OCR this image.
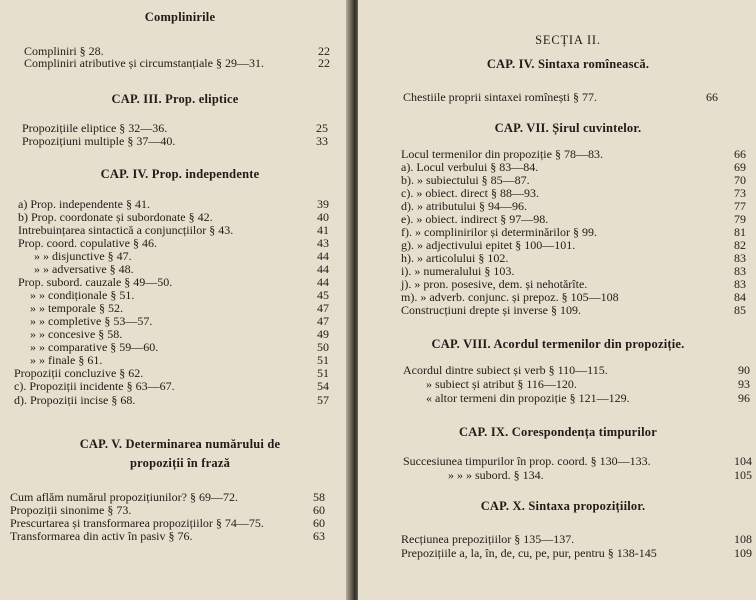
Complinirile
Compliniri § 28.	22
Compliniri atributive și circumstanțiale § 29—31.	22
CAP. III. Prop. eliptice
Propozițiile eliptice § 32—36.	25
Propozițiuni multiple § 37—40.	33
CAP. IV. Prop. independente
a) Prop. independente § 41.	39
b) Prop. coordonate și subordonate § 42.	40
Intrebuințarea sintactică a conjuncțiilor § 43.	41
Prop. coord. copulative § 46.	43
» » disjunctive § 47.	44
» » adversative § 48.	44
Prop. subord. cauzale § 49—50.	44
» » condiționale § 51.	45
» » temporale § 52.	47
» » completive § 53—57.	47
» » concesive § 58.	49
» » comparative § 59—60.	50
» » finale § 61.	51
Propoziții concluzive § 62.	51
c). Propoziții incidente § 63—67.	54
d). Propoziții incise § 68.	57
CAP. V. Determinarea numărului de
propoziții în frază
Cum aflăm numărul propozițiunilor? § 69—72.	58
Propoziții sinonime § 73.	60
Prescurtarea și transformarea propozițiilor § 74—75.	60
Transformarea din activ în pasiv § 76.	63
SECȚIA II.
CAP. IV. Sintaxa romînească.
Chestiile proprii sintaxei romînești § 77.	66
CAP. VII. Șirul cuvintelor.
Locul termenilor din propoziție § 78—83.	66
a). Locul verbului § 83—84.	69
b). » subiectului § 85—87.	70
c). » obiect. direct § 88—93.	73
d). » atributului § 94—96.	77
e). » obiect. indirect § 97—98.	79
f). » complinirilor și determinărilor § 99.	81
g). » adjectivului epitet § 100—101.	82
h). » articolului § 102.	83
i). » numeralului § 103.	83
j). » pron. posesive, dem. și nehotărîte.	83
m). » adverb. conjunc. și prepoz. § 105—108	84
Construcțiuni drepte și inverse § 109.	85
CAP. VIII. Acordul termenilor din propoziție.
Acordul dintre subiect și verb § 110—115.	90
» subiect și atribut § 116—120.	93
« altor termeni din propoziție § 121—129.	96
CAP. IX. Corespondența timpurilor
Succesiunea timpurilor în prop. coord. § 130—133.	104
» » » subord. § 134.	105
CAP. X. Sintaxa propozițiilor.
Recțiunea prepozițiilor § 135—137.	108
Prepozițiile a, la, în, de, cu, pe, pur, pentru § 138-145	109
